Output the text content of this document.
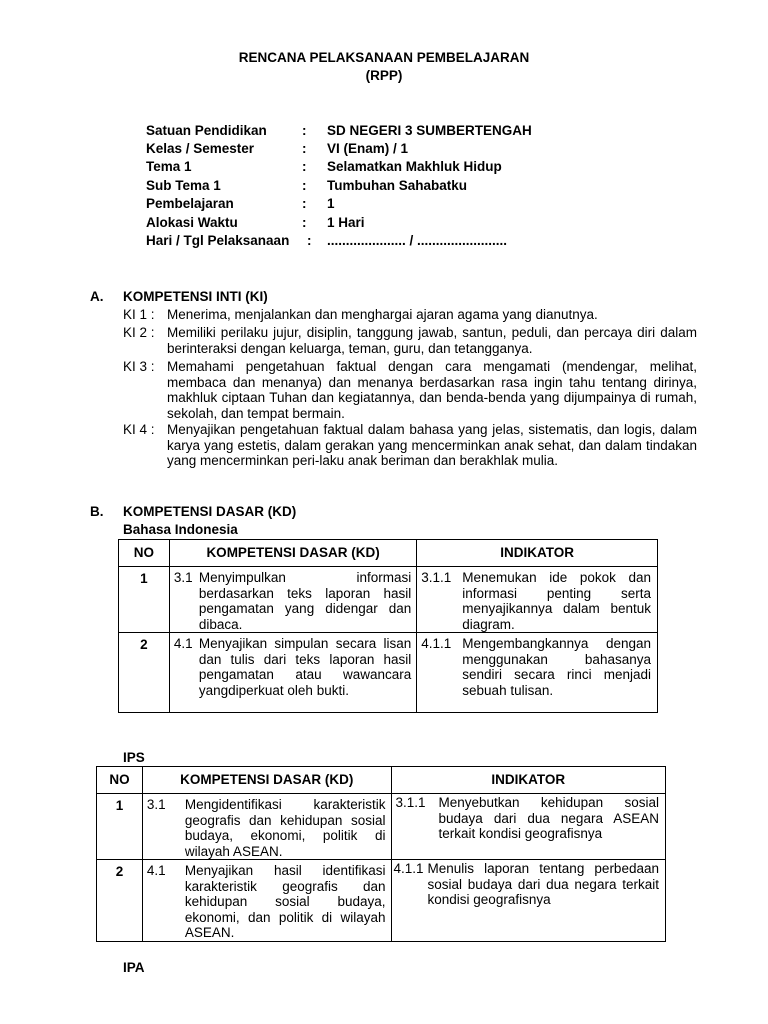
RENCANA PELAKSANAAN PEMBELAJARAN
(RPP)
Satuan Pendidikan	: SD NEGERI 3 SUMBERTENGAH
Kelas / Semester	: VI (Enam) / 1
Tema 1	: Selamatkan Makhluk Hidup
Sub Tema 1	: Tumbuhan Sahabatku
Pembelajaran	: 1
Alokasi Waktu	: 1 Hari
Hari / Tgl Pelaksanaan : ..................... / ........................
A. KOMPETENSI INTI (KI)
KI 1 : Menerima, menjalankan dan menghargai ajaran agama yang dianutnya.
KI 2 : Memiliki perilaku jujur, disiplin, tanggung jawab, santun, peduli, dan percaya diri dalam berinteraksi dengan keluarga, teman, guru, dan tetangganya.
KI 3 : Memahami pengetahuan faktual dengan cara mengamati (mendengar, melihat, membaca dan menanya) dan menanya berdasarkan rasa ingin tahu tentang dirinya, makhluk ciptaan Tuhan dan kegiatannya, dan benda-benda yang dijumpainya di rumah, sekolah, dan tempat bermain.
KI 4 : Menyajikan pengetahuan faktual dalam bahasa yang jelas, sistematis, dan logis, dalam karya yang estetis, dalam gerakan yang mencerminkan anak sehat, dan dalam tindakan yang mencerminkan peri-laku anak beriman dan berakhlak mulia.
B. KOMPETENSI DASAR (KD)
Bahasa Indonesia
NO	KOMPETENSI DASAR (KD)	INDIKATOR

1	3.1 Menyimpulkan informasi berdasarkan teks laporan hasil pengamatan yang didengar dan dibaca.	3.1.1 Menemukan ide pokok dan informasi penting serta menyajikannya dalam bentuk diagram.

2	4.1 Menyajikan simpulan secara lisan dan tulis dari teks laporan hasil pengamatan atau wawancara yangdiperkuat oleh bukti.	4.1.1 Mengembangkannya dengan menggunakan bahasanya sendiri secara rinci menjadi sebuah tulisan.
IPS
NO	KOMPETENSI DASAR (KD)	INDIKATOR

1	3.1 Mengidentifikasi karakteristik geografis dan kehidupan sosial budaya, ekonomi, politik di wilayah ASEAN.	3.1.1 Menyebutkan kehidupan sosial budaya dari dua negara ASEAN terkait kondisi geografisnya

2	4.1 Menyajikan hasil identifikasi karakteristik geografis dan kehidupan sosial budaya, ekonomi, dan politik di wilayah ASEAN.	4.1.1 Menulis laporan tentang perbedaan sosial budaya dari dua negara terkait kondisi geografisnya
IPA
